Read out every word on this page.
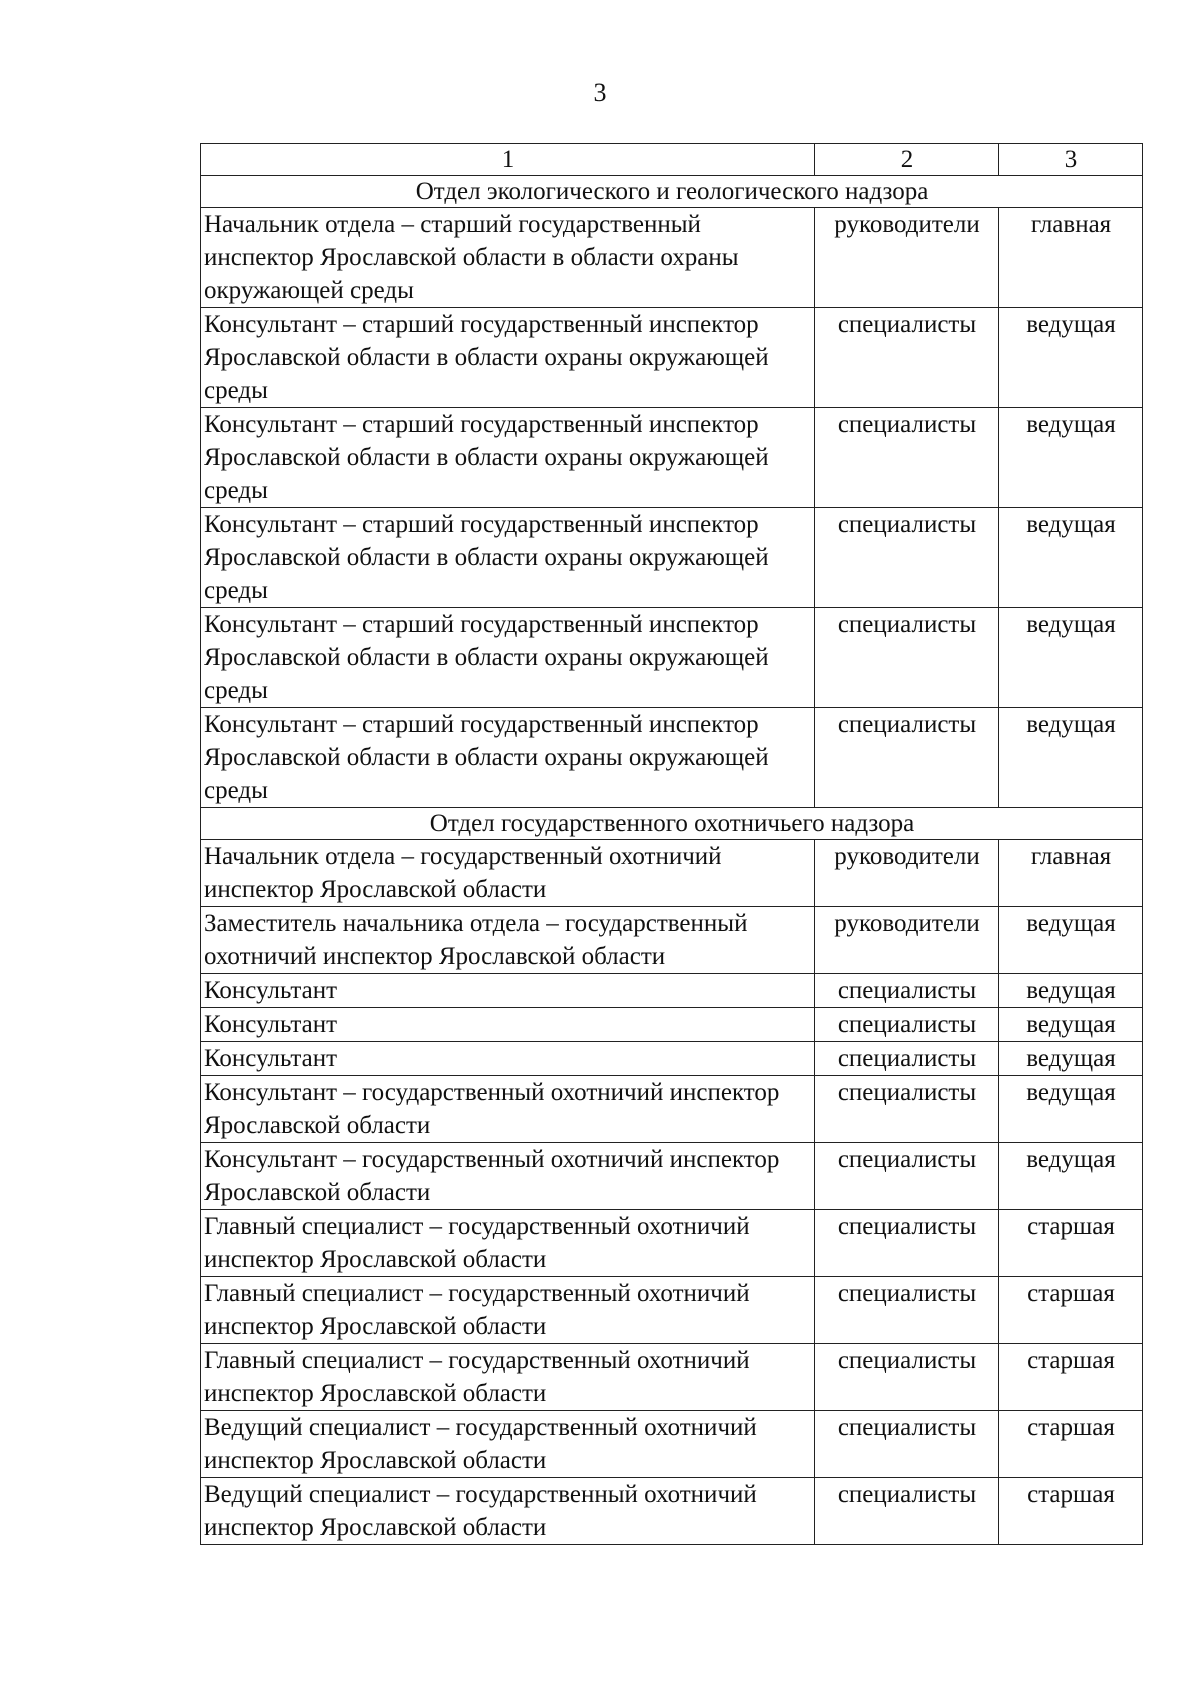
3
1	2	3
Отдел экологического и геологического надзора		
Начальник отдела – старший государственный инспектор Ярославской области в области охраны окружающей среды	руководители	главная
Консультант – старший государственный инспектор Ярославской области в области охраны окружающей среды	специалисты	ведущая
Консультант – старший государственный инспектор Ярославской области в области охраны окружающей среды	специалисты	ведущая
Консультант – старший государственный инспектор Ярославской области в области охраны окружающей среды	специалисты	ведущая
Консультант – старший государственный инспектор Ярославской области в области охраны окружающей среды	специалисты	ведущая
Консультант – старший государственный инспектор Ярославской области в области охраны окружающей среды	специалисты	ведущая
Отдел государственного охотничьего надзора		
Начальник отдела – государственный охотничий инспектор Ярославской области	руководители	главная
Заместитель начальника отдела – государственный охотничий инспектор Ярославской области	руководители	ведущая
Консультант	специалисты	ведущая
Консультант	специалисты	ведущая
Консультант	специалисты	ведущая
Консультант – государственный охотничий инспектор Ярославской области	специалисты	ведущая
Консультант – государственный охотничий инспектор Ярославской области	специалисты	ведущая
Главный специалист – государственный охотничий инспектор Ярославской области	специалисты	старшая
Главный специалист – государственный охотничий инспектор Ярославской области	специалисты	старшая
Главный специалист – государственный охотничий инспектор Ярославской области	специалисты	старшая
Ведущий специалист – государственный охотничий инспектор Ярославской области	специалисты	старшая
Ведущий специалист – государственный охотничий инспектор Ярославской области	специалисты	старшая
